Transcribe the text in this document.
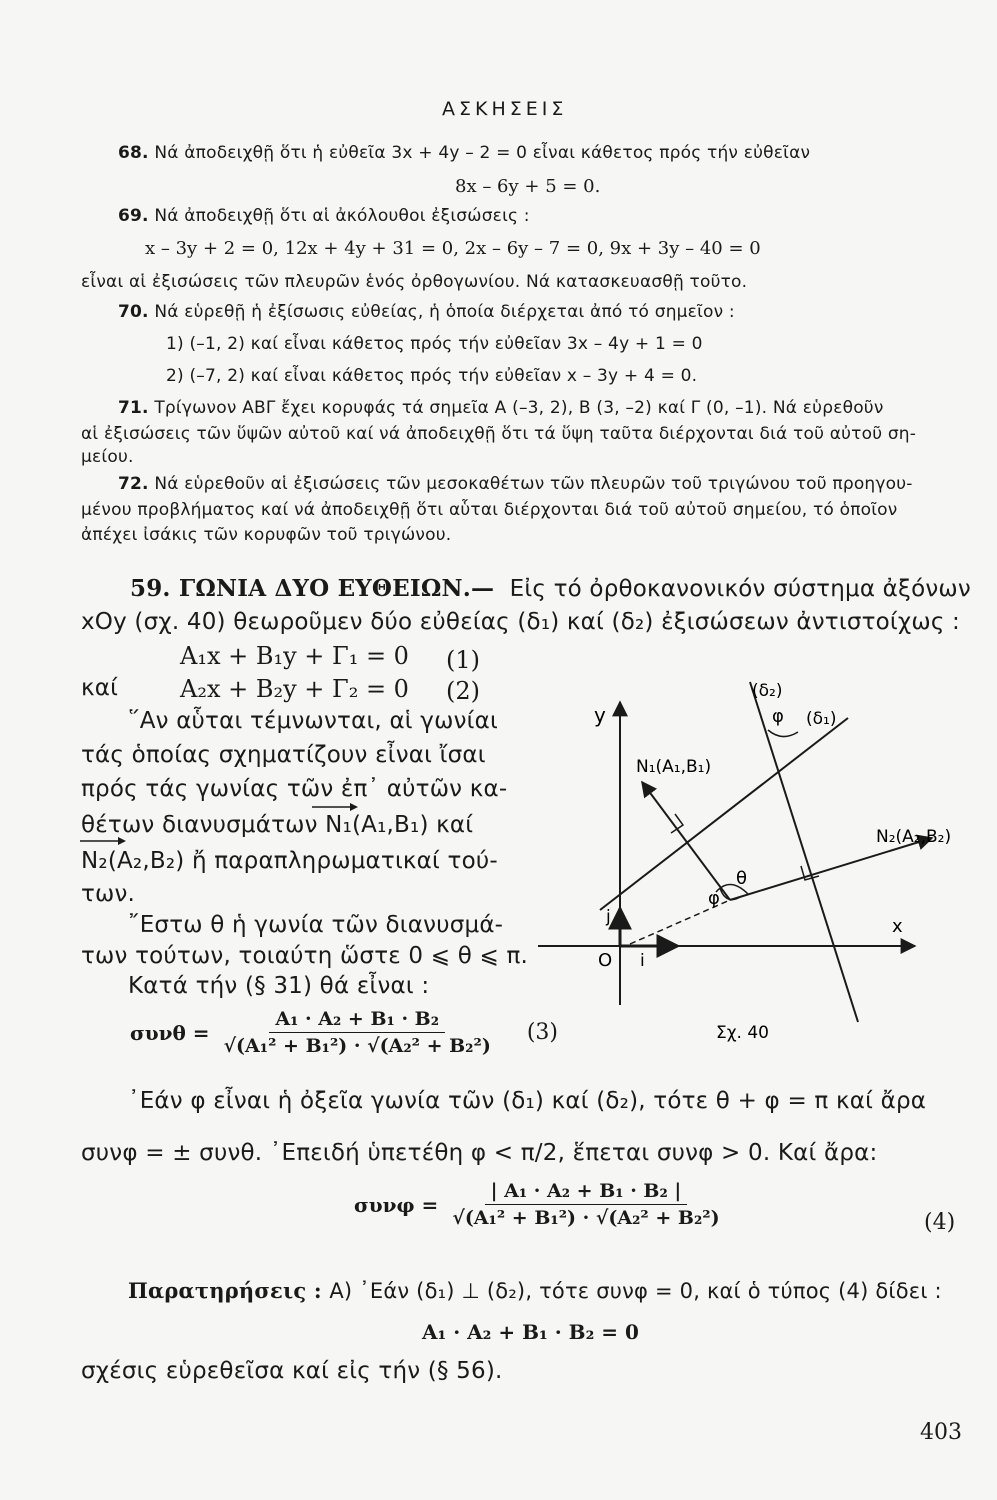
ΑΣΚΗΣΕΙΣ
68. Νά ἀποδειχθῇ ὅτι ἡ εὐθεῖα 3x + 4y – 2 = 0 εἶναι κάθετος πρός τήν εὐθεῖαν
8x – 6y + 5 = 0.
69. Νά ἀποδειχθῇ ὅτι αἱ ἀκόλουθοι ἐξισώσεις :
x – 3y + 2 = 0, 12x + 4y + 31 = 0, 2x – 6y – 7 = 0, 9x + 3y – 40 = 0
εἶναι αἱ ἐξισώσεις τῶν πλευρῶν ἑνός ὀρθογωνίου. Νά κατασκευασθῇ τοῦτο.
70. Νά εὑρεθῇ ἡ ἐξίσωσις εὐθείας, ἡ ὁποία διέρχεται ἀπό τό σημεῖον :
1) (–1, 2) καί εἶναι κάθετος πρός τήν εὐθεῖαν 3x – 4y + 1 = 0
2) (–7, 2) καί εἶναι κάθετος πρός τήν εὐθεῖαν x – 3y + 4 = 0.
71. Τρίγωνον ΑΒΓ ἔχει κορυφάς τά σημεῖα Α (–3, 2), Β (3, –2) καί Γ (0, –1). Νά εὑρεθοῦν
αἱ ἐξισώσεις τῶν ὕψῶν αὐτοῦ καί νά ἀποδειχθῇ ὅτι τά ὕψη ταῦτα διέρχονται διά τοῦ αὐτοῦ ση-
μείου.
72. Νά εὑρεθοῦν αἱ ἐξισώσεις τῶν μεσοκαθέτων τῶν πλευρῶν τοῦ τριγώνου τοῦ προηγου-
μένου προβλήματος καί νά ἀποδειχθῇ ὅτι αὗται διέρχονται διά τοῦ αὐτοῦ σημείου, τό ὁποῖον
ἀπέχει ἰσάκις τῶν κορυφῶν τοῦ τριγώνου.
59. ΓΩΝΙΑ ΔΥΟ ΕΥΘΕΙΩΝ.— Εἰς τό ὀρθοκανονικόν σύστημα ἀξόνων
xOy (σχ. 40) θεωροῦμεν δύο εὐθείας (δ₁) καί (δ₂) ἐξισώσεων ἀντιστοίχως :
A₁x + B₁y + Γ₁ = 0 (1)
καί	A₂x + B₂y + Γ₂ = 0 (2)
῞Αν αὗται τέμνωνται, αἱ γωνίαι
τάς ὁποίας σχηματίζουν εἶναι ἴσαι
πρός τάς γωνίας τῶν ἐπ᾽ αὐτῶν κα-
θέτων διανυσμάτων N₁(A₁,B₁) καί
N₂(A₂,B₂) ἤ παραπληρωματικαί τού-
των.
῎Εστω θ ἡ γωνία τῶν διανυσμά-
των τούτων, τοιαύτη ὥστε 0 ⩽ θ ⩽ π.
Κατά τήν (§ 31) θά εἶναι :
$\sigma\upsilon\nu\theta = \frac{\text{A₁ · A₂ + B₁ · B₂}}{\text{√(A₁² + B₁²) · √(A₂² + B₂²)}} (3)$
y
x
O i
j
(δ₁)
(δ₂)
N₁(A₁,B₁)
N₂(A₂,B₂)
φ
φ
θ
Σχ. 40
᾿Εάν φ εἶναι ἡ ὀξεῖα γωνία τῶν (δ₁) καί (δ₂), τότε θ + φ = π καί ἄρα
συνφ = ± συνθ. ᾿Επειδή ὑπετέθη φ < π/2, ἕπεται συνφ > 0. Καί ἄρα:
$\sigma\upsilon\nu\varphi = \frac{\text{| A₁ · A₂ + B₁ · B₂ |}}{\text{√(A₁² + B₁²) · √(A₂² + B₂²)}}$	(4)
Παρατηρήσεις : A) ᾿Εάν (δ₁) ⊥ (δ₂), τότε συνφ = 0, καί ὁ τύπος (4) δίδει :
A₁ · A₂ + B₁ · B₂ = 0
σχέσις εὑρεθεῖσα καί εἰς τήν (§ 56).
403
